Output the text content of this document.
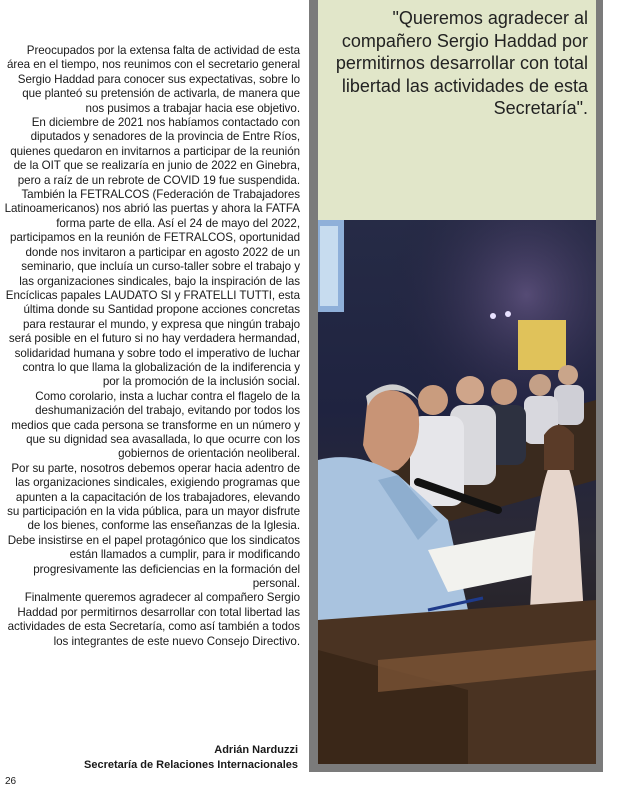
Preocupados por la extensa falta de actividad de esta área en el tiempo, nos reunimos con el secretario general Sergio Haddad para conocer sus expectativas, sobre lo que planteó su pretensión de activarla, de manera que nos pusimos a trabajar hacia ese objetivo.

En diciembre de 2021 nos habíamos contactado con diputados y senadores de la provincia de Entre Ríos, quienes quedaron en invitarnos a participar de la reunión de la OIT que se realizaría en junio de 2022 en Ginebra, pero a raíz de un rebrote de COVID 19 fue suspendida.

También la FETRALCOS (Federación de Trabajadores Latinoamericanos) nos abrió las puertas y ahora la FATFA forma parte de ella. Así el 24 de mayo del 2022, participamos en la reunión de FETRALCOS, oportunidad donde nos invitaron a participar en agosto 2022 de un seminario, que incluía un curso-taller sobre el trabajo y las organizaciones sindicales, bajo la inspiración de las Encíclicas papales LAUDATO SI y FRATELLI TUTTI, esta última donde su Santidad propone acciones concretas para restaurar el mundo, y expresa que ningún trabajo será posible en el futuro si no hay verdadera hermandad, solidaridad humana y sobre todo el imperativo de luchar contra lo que llama la globalización de la indiferencia y por la promoción de la inclusión social.

Como corolario, insta a luchar contra el flagelo de la deshumanización del trabajo, evitando por todos los medios que cada persona se transforme en un número y que su dignidad sea avasallada, lo que ocurre con los gobiernos de orientación neoliberal.

Por su parte, nosotros debemos operar hacia adentro de las organizaciones sindicales, exigiendo programas que apunten a la capacitación de los trabajadores, elevando su participación en la vida pública, para un mayor disfrute de los bienes, conforme las enseñanzas de la Iglesia. Debe insistirse en el papel protagónico que los sindicatos están llamados a cumplir, para ir modificando progresivamente las deficiencias en la formación del personal.

Finalmente queremos agradecer al compañero Sergio Haddad por permitirnos desarrollar con total libertad las actividades de esta Secretaría, como así también a todos los integrantes de este nuevo Consejo Directivo.

Adrián Narduzzi
Secretaría de Relaciones Internacionales
26
"Queremos agradecer al compañero Sergio Haddad por permitirnos desarrollar con total libertad las actividades de esta Secretaría".
